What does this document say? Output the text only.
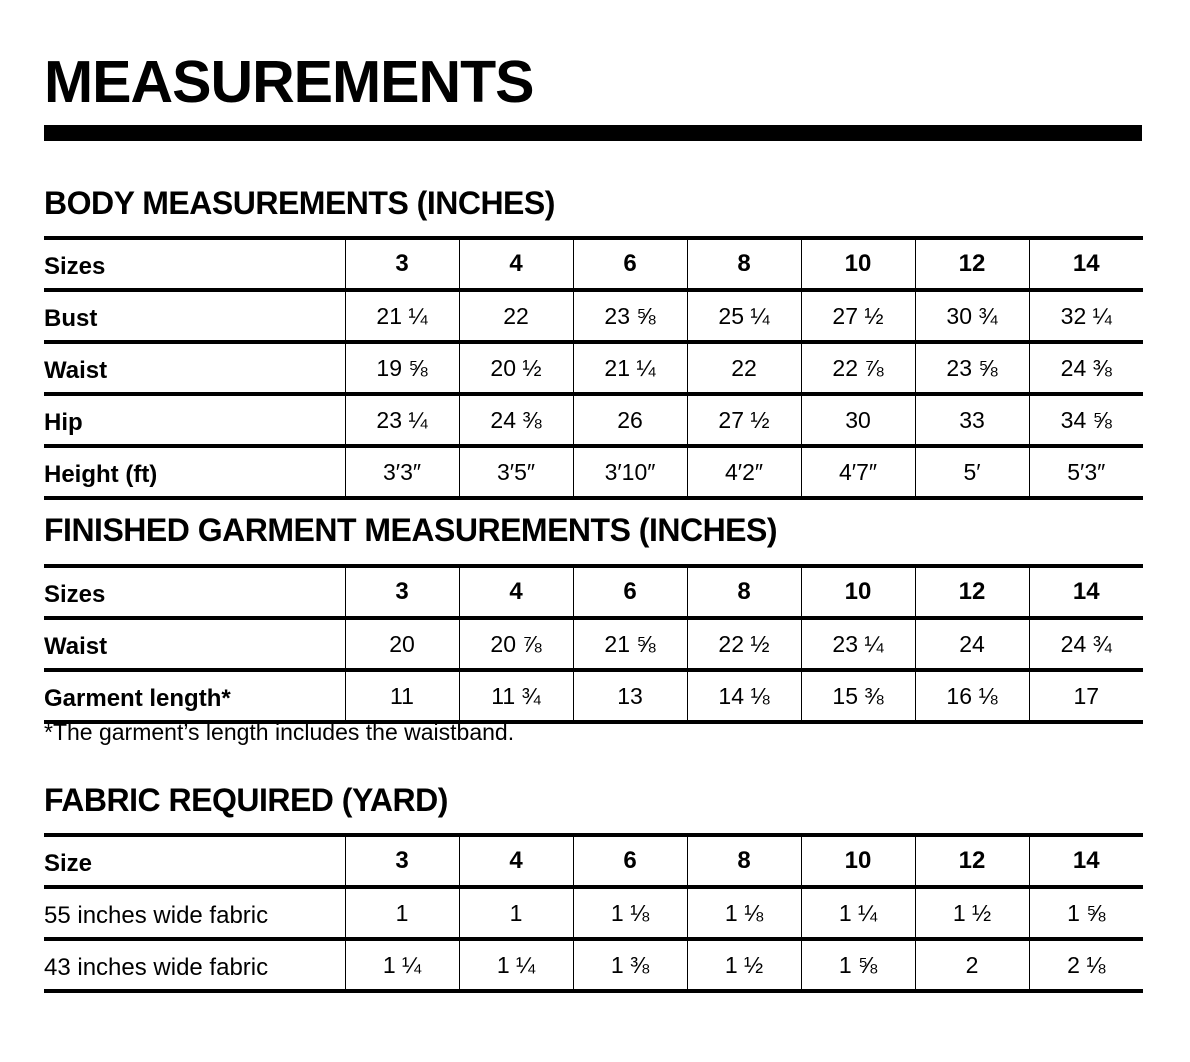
MEASUREMENTS
BODY MEASUREMENTS (INCHES)
Sizes	3	4	6	8	10	12	14
Bust	21 ¼	22	23 ⅝	25 ¼	27 ½	30 ¾	32 ¼
Waist	19 ⅝	20 ½	21 ¼	22	22 ⅞	23 ⅝	24 ⅜
Hip	23 ¼	24 ⅜	26	27 ½	30	33	34 ⅝
Height (ft)	3′3″	3′5″	3′10″	4′2″	4′7″	5′	5′3″
FINISHED GARMENT MEASUREMENTS (INCHES)
Sizes	3	4	6	8	10	12	14
Waist	20	20 ⅞	21 ⅝	22 ½	23 ¼	24	24 ¾
Garment length*	11	11 ¾	13	14 ⅛	15 ⅜	16 ⅛	17
*The garment’s length includes the waistband.
FABRIC REQUIRED (YARD)
Size	3	4	6	8	10	12	14
55 inches wide fabric	1	1	1 ⅛	1 ⅛	1 ¼	1 ½	1 ⅝
43 inches wide fabric	1 ¼	1 ¼	1 ⅜	1 ½	1 ⅝	2	2 ⅛
